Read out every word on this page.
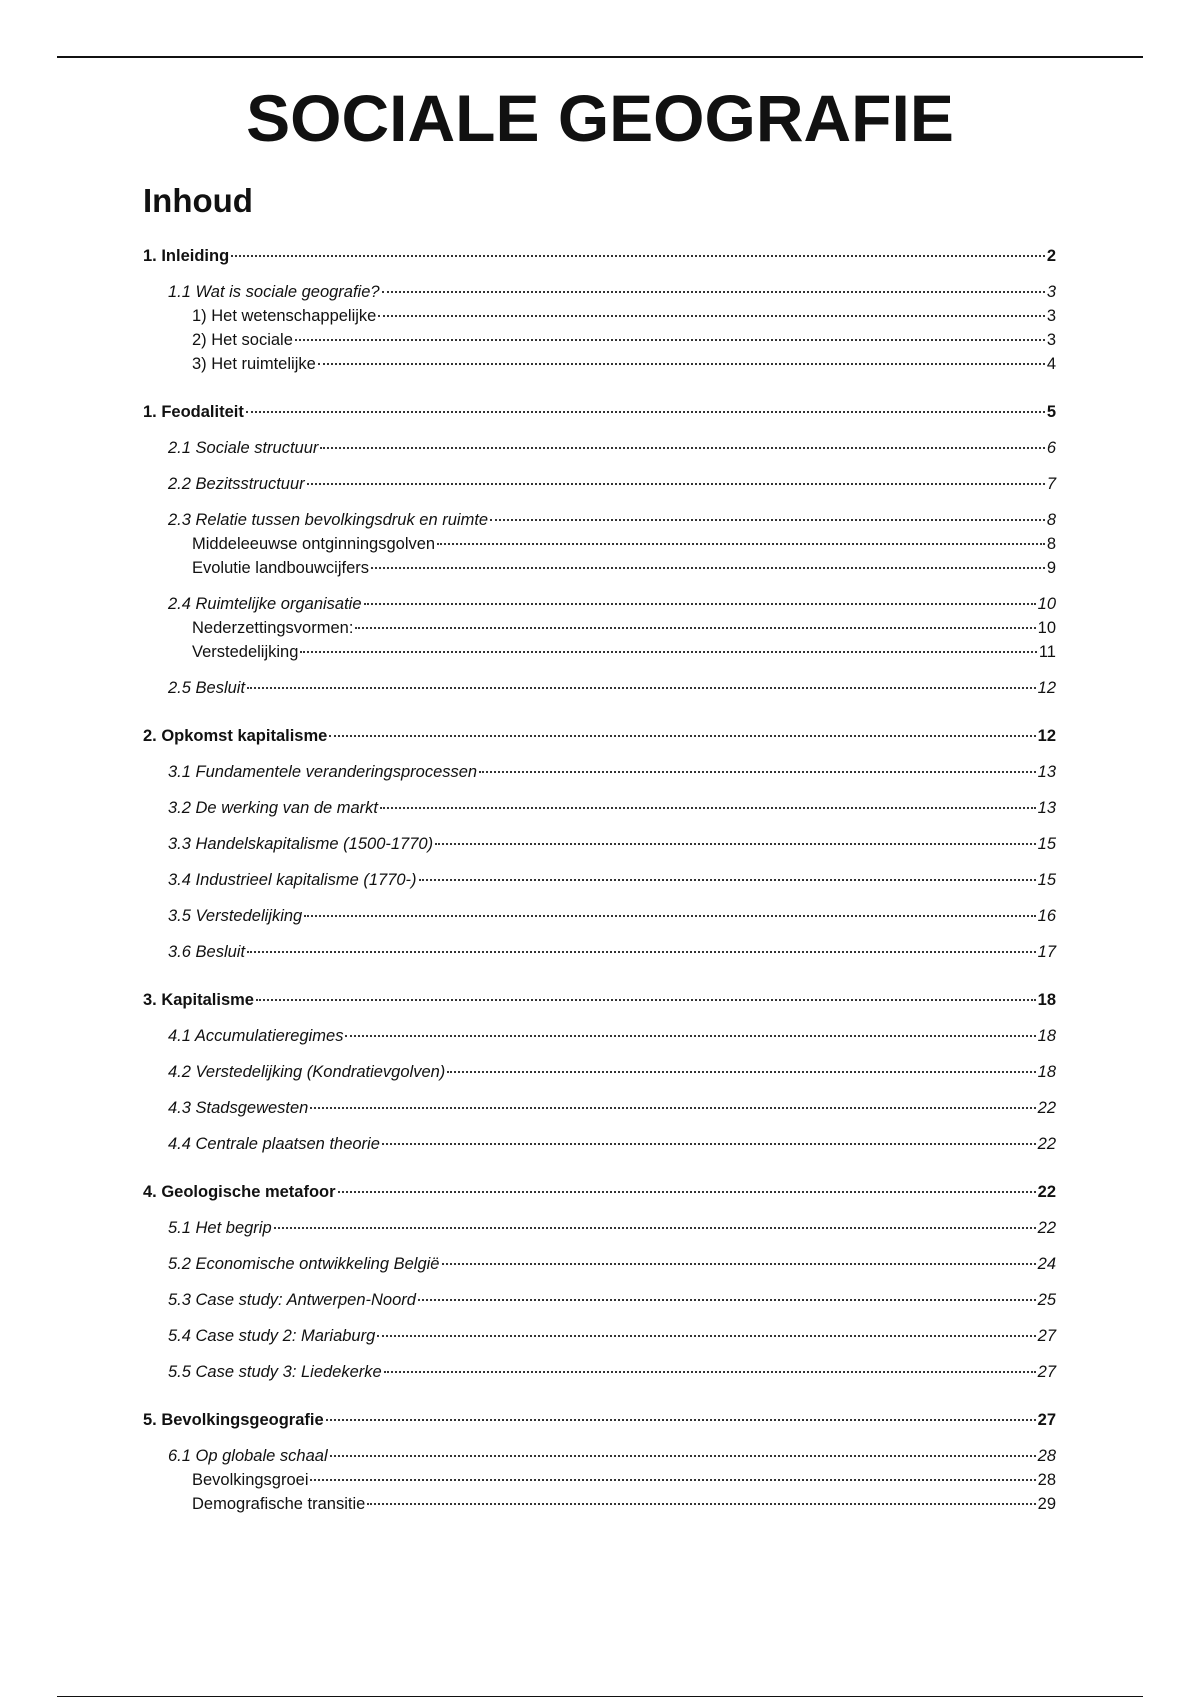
SOCIALE GEOGRAFIE
Inhoud
1. Inleiding	2
1.1 Wat is sociale geografie?	3
1) Het wetenschappelijke	3
2) Het sociale	3
3) Het ruimtelijke	4
1. Feodaliteit	5
2.1 Sociale structuur	6
2.2 Bezitsstructuur	7
2.3 Relatie tussen bevolkingsdruk en ruimte	8
Middeleeuwse ontginningsgolven	8
Evolutie landbouwcijfers	9
2.4 Ruimtelijke organisatie	10
Nederzettingsvormen:	10
Verstedelijking	11
2.5 Besluit	12
2. Opkomst kapitalisme	12
3.1 Fundamentele veranderingsprocessen	13
3.2 De werking van de markt	13
3.3 Handelskapitalisme (1500-1770)	15
3.4 Industrieel kapitalisme (1770-)	15
3.5 Verstedelijking	16
3.6 Besluit	17
3. Kapitalisme	18
4.1 Accumulatieregimes	18
4.2 Verstedelijking (Kondratievgolven)	18
4.3 Stadsgewesten	22
4.4 Centrale plaatsen theorie	22
4. Geologische metafoor	22
5.1 Het begrip	22
5.2 Economische ontwikkeling België	24
5.3 Case study: Antwerpen-Noord	25
5.4 Case study 2: Mariaburg	27
5.5 Case study 3: Liedekerke	27
5. Bevolkingsgeografie	27
6.1 Op globale schaal	28
Bevolkingsgroei	28
Demografische transitie	29
